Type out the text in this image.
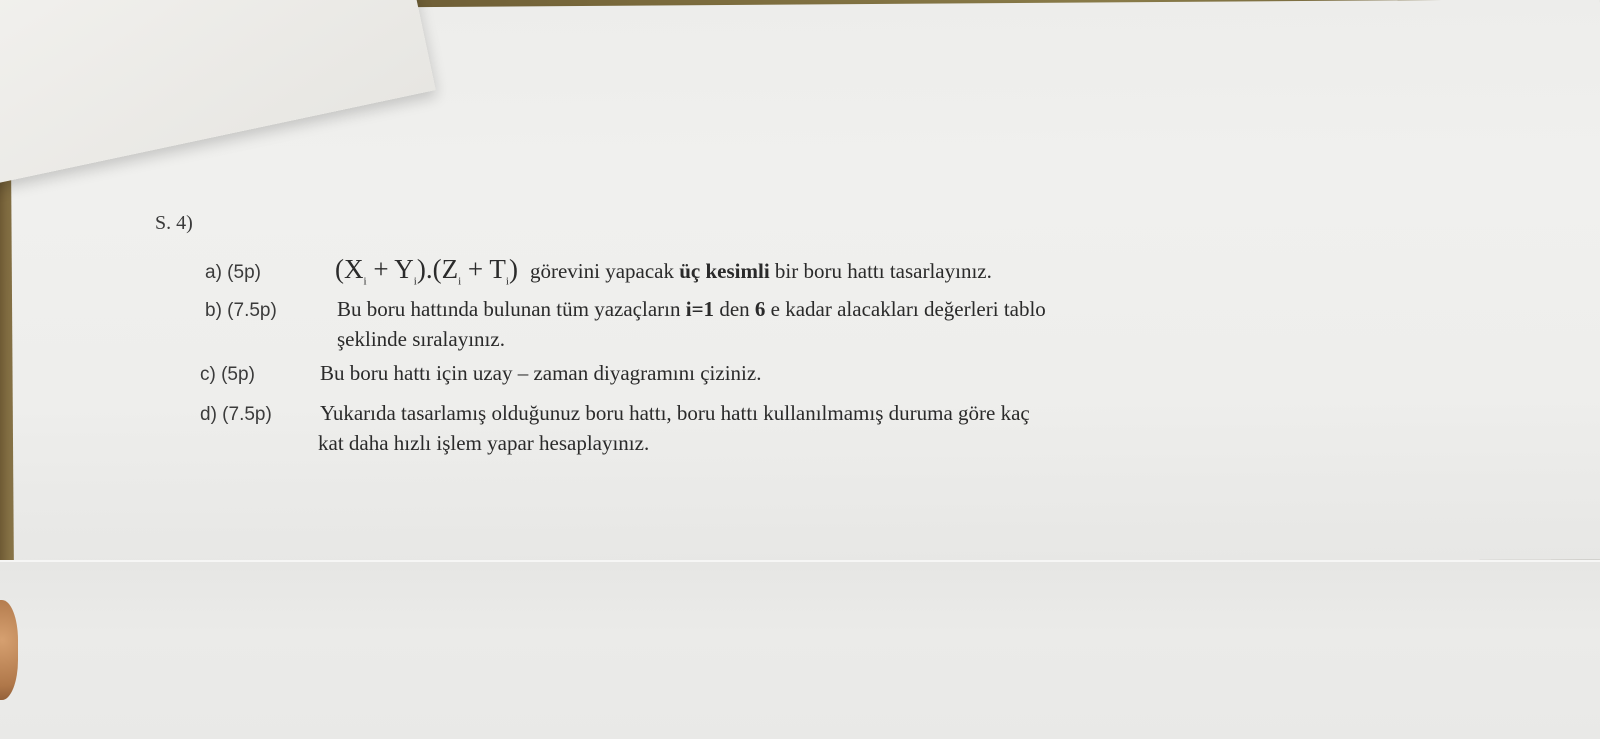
S. 4)
a) (5p)	$(X_i + Y_i).(Z_i + T_i)$ görevini yapacak üç kesimli bir boru hattı tasarlayınız.
b) (7.5p)	Bu boru hattında bulunan tüm yazaçların i=1 den 6 e kadar alacakları değerleri tablo
şeklinde sıralayınız.
c) (5p)	Bu boru hattı için uzay – zaman diyagramını çiziniz.
d) (7.5p) Yukarıda tasarlamış olduğunuz boru hattı, boru hattı kullanılmamış duruma göre kaç
kat daha hızlı işlem yapar hesaplayınız.
